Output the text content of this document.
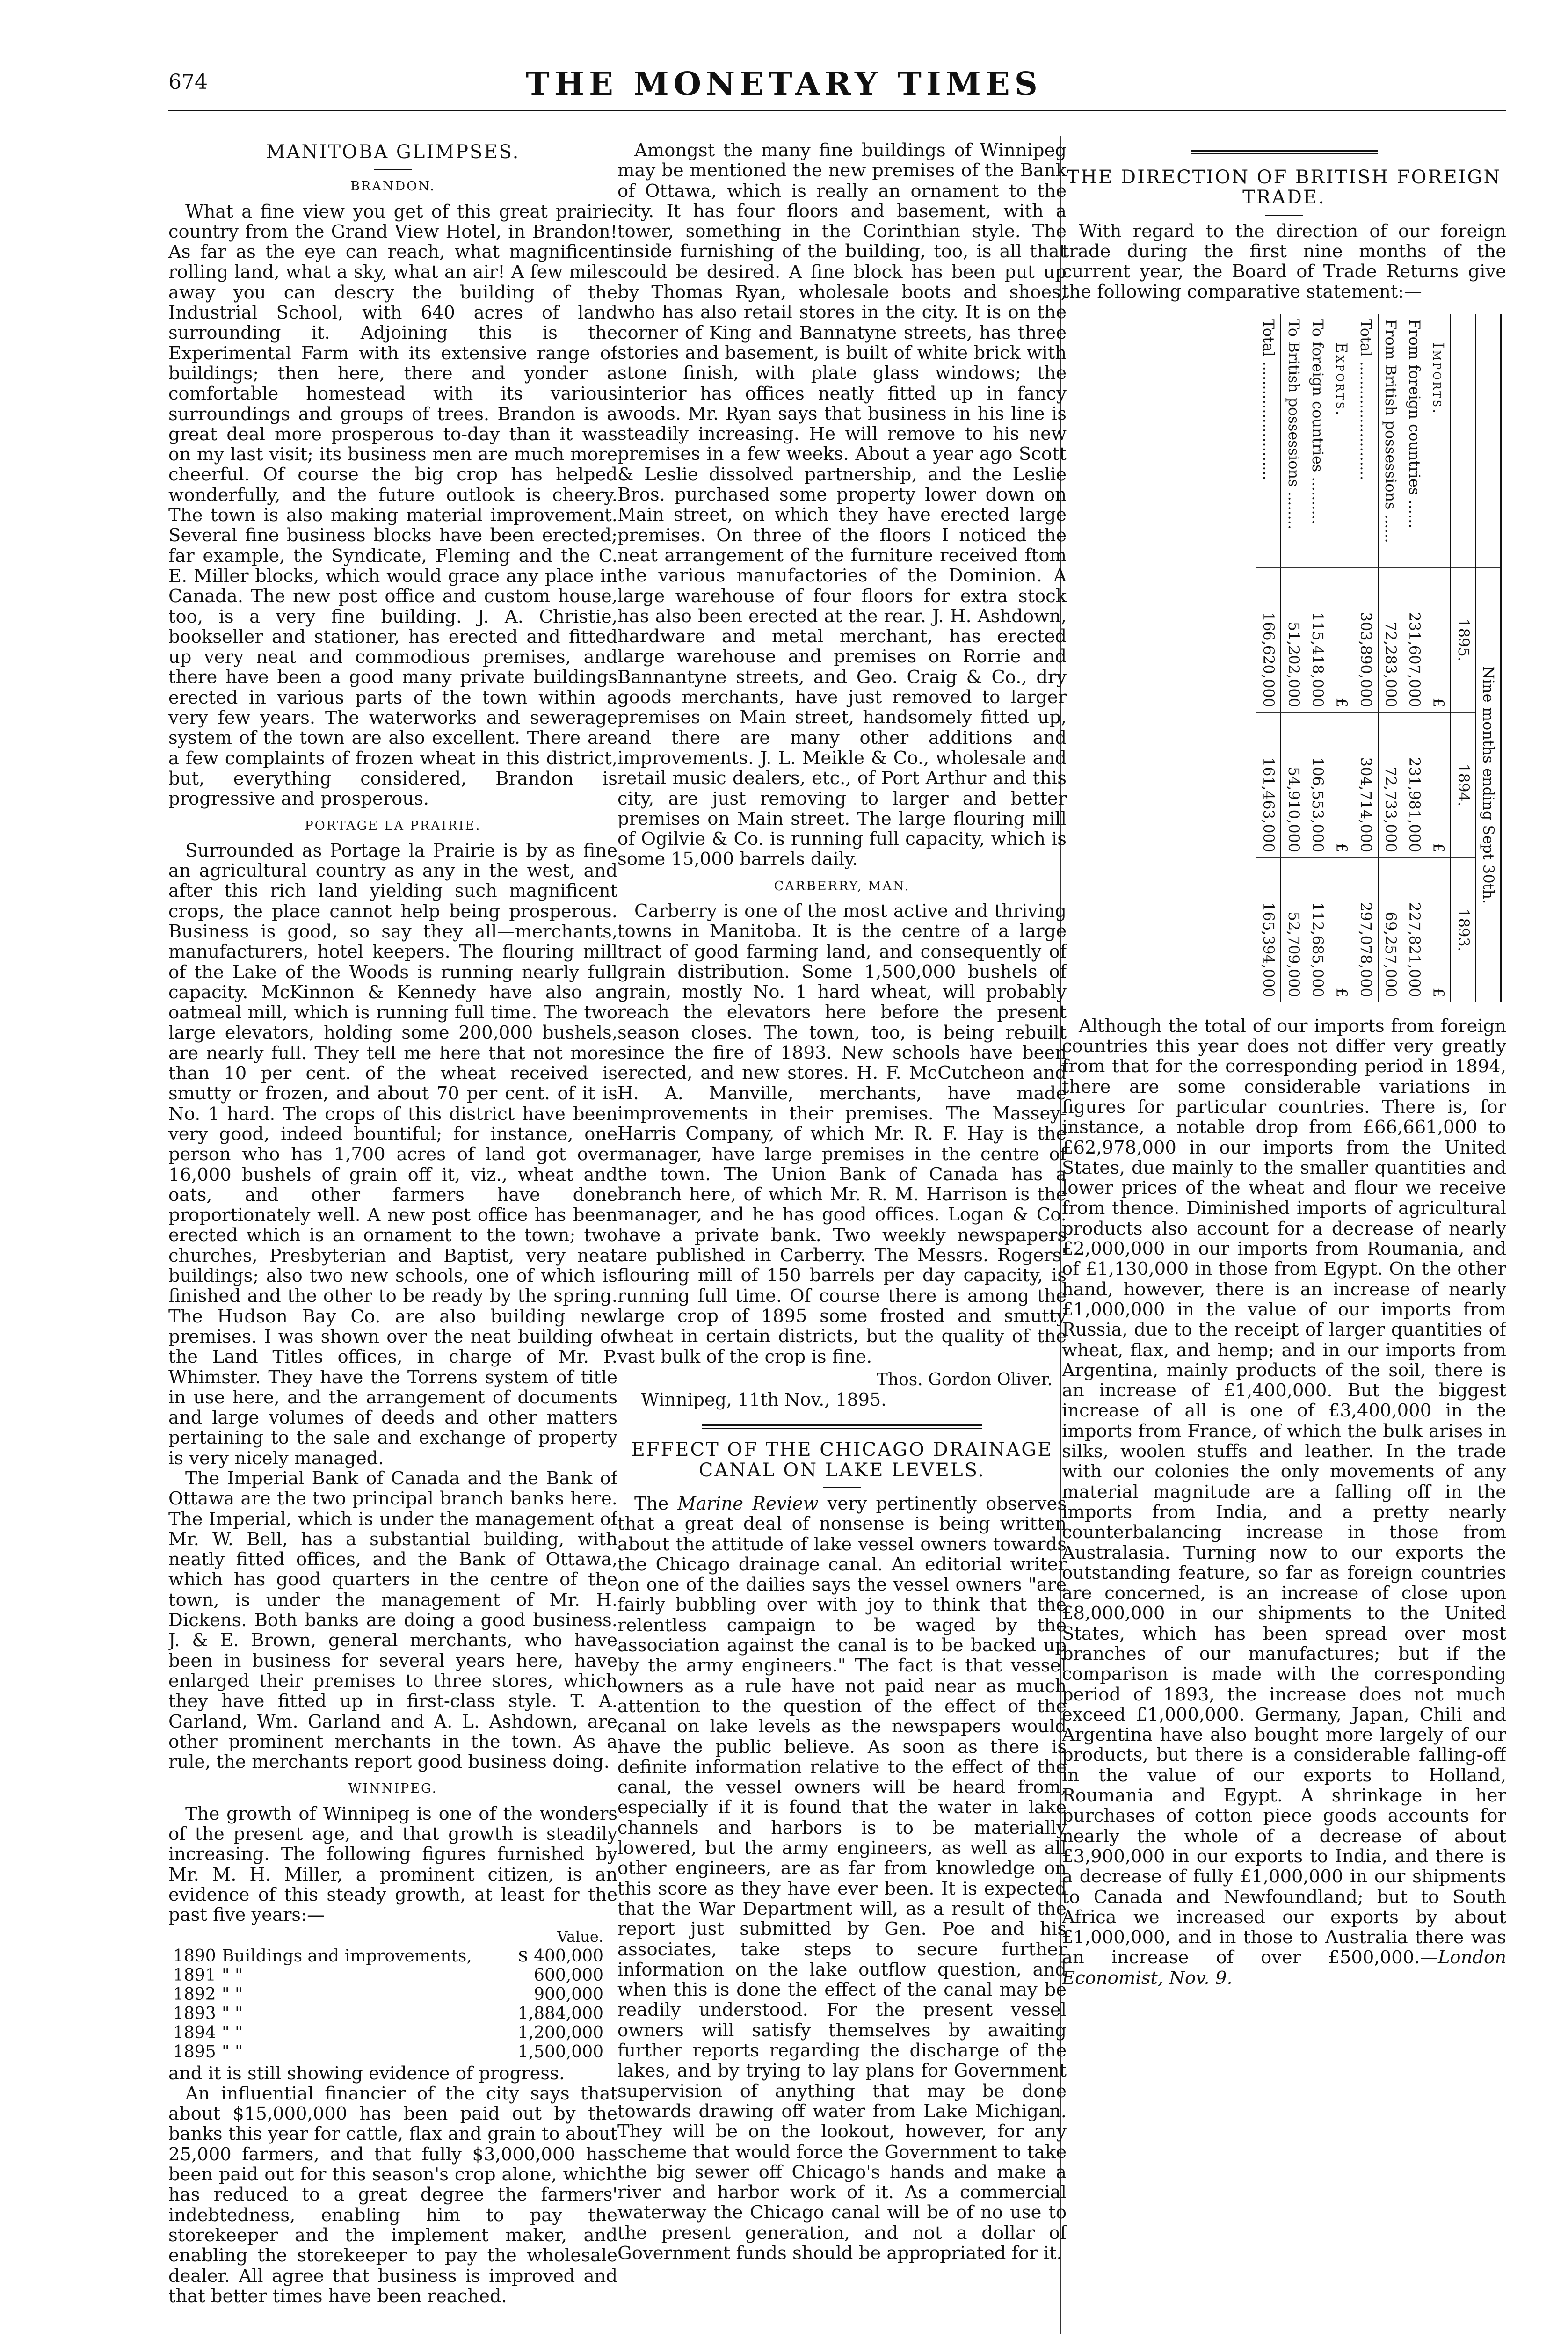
674	THE MONETARY TIMES
MANITOBA GLIMPSES.
BRANDON.

What a fine view you get of this great prairie country from the Grand View Hotel, in Brandon! As far as the eye can reach, what magnificent rolling land, what a sky, what an air! A few miles away you can descry the building of the Industrial School, with 640 acres of land surrounding it. Adjoining this is the Experimental Farm with its extensive range of buildings; then here, there and yonder a comfortable homestead with its various surroundings and groups of trees. Brandon is a great deal more prosperous to-day than it was on my last visit; its business men are much more cheerful. Of course the big crop has helped wonderfully, and the future outlook is cheery. The town is also making material improvement. Several fine business blocks have been erected; far example, the Syndicate, Fleming and the C. E. Miller blocks, which would grace any place in Canada. The new post office and custom house, too, is a very fine building. J. A. Christie, bookseller and stationer, has erected and fitted up very neat and commodious premises, and there have been a good many private buildings erected in various parts of the town within a very few years. The waterworks and sewerage system of the town are also excellent. There are a few complaints of frozen wheat in this district, but, everything considered, Brandon is progressive and prosperous.

PORTAGE LA PRAIRIE.

Surrounded as Portage la Prairie is by as fine an agricultural country as any in the west, and after this rich land yielding such magnificent crops, the place cannot help being prosperous. Business is good, so say they all—merchants, manufacturers, hotel keepers. The flouring mill of the Lake of the Woods is running nearly full capacity. McKinnon & Kennedy have also an oatmeal mill, which is running full time. The two large elevators, holding some 200,000 bushels, are nearly full. They tell me here that not more than 10 per cent. of the wheat received is smutty or frozen, and about 70 per cent. of it is No. 1 hard. The crops of this district have been very good, indeed bountiful; for instance, one person who has 1,700 acres of land got over 16,000 bushels of grain off it, viz., wheat and oats, and other farmers have done proportionately well. A new post office has been erected which is an ornament to the town; two churches, Presbyterian and Baptist, very neat buildings; also two new schools, one of which is finished and the other to be ready by the spring. The Hudson Bay Co. are also building new premises. I was shown over the neat building of the Land Titles offices, in charge of Mr. P. Whimster. They have the Torrens system of title in use here, and the arrangement of documents and large volumes of deeds and other matters pertaining to the sale and exchange of property is very nicely managed.

The Imperial Bank of Canada and the Bank of Ottawa are the two principal branch banks here. The Imperial, which is under the management of Mr. W. Bell, has a substantial building, with neatly fitted offices, and the Bank of Ottawa, which has good quarters in the centre of the town, is under the management of Mr. H. Dickens. Both banks are doing a good business. J. & E. Brown, general merchants, who have been in business for several years here, have enlarged their premises to three stores, which they have fitted up in first-class style. T. A. Garland, Wm. Garland and A. L. Ashdown, are other prominent merchants in the town. As a rule, the merchants report good business doing.

WINNIPEG.

The growth of Winnipeg is one of the wonders of the present age, and that growth is steadily increasing. The following figures furnished by Mr. M. H. Miller, a prominent citizen, is an evidence of this steady growth, at least for the past five years:—

		Value.
1890	Buildings and improvements,	$ 400,000
1891	" "	600,000
1892	" "	900,000
1893	" "	1,884,000
1894	" "	1,200,000
1895	" "	1,500,000

and it is still showing evidence of progress.

An influential financier of the city says that about $15,000,000 has been paid out by the banks this year for cattle, flax and grain to about 25,000 farmers, and that fully $3,000,000 has been paid out for this season's crop alone, which has reduced to a great degree the farmers' indebtedness, enabling him to pay the storekeeper and the implement maker, and enabling the storekeeper to pay the wholesale dealer. All agree that business is improved and that better times have been reached.

Amongst the many fine buildings of Winnipeg may be mentioned the new premises of the Bank of Ottawa, which is really an ornament to the city. It has four floors and basement, with a tower, something in the Corinthian style. The inside furnishing of the building, too, is all that could be desired. A fine block has been put up by Thomas Ryan, wholesale boots and shoes, who has also retail stores in the city. It is on the corner of King and Bannatyne streets, has three stories and basement, is built of white brick with stone finish, with plate glass windows; the interior has offices neatly fitted up in fancy woods. Mr. Ryan says that business in his line is steadily increasing. He will remove to his new premises in a few weeks. About a year ago Scott & Leslie dissolved partnership, and the Leslie Bros. purchased some property lower down on Main street, on which they have erected large premises. On three of the floors I noticed the neat arrangement of the furniture received ftom the various manufactories of the Dominion. A large warehouse of four floors for extra stock has also been erected at the rear. J. H. Ashdown, hardware and metal merchant, has erected large warehouse and premises on Rorrie and Bannantyne streets, and Geo. Craig & Co., dry goods merchants, have just removed to larger premises on Main street, handsomely fitted up, and there are many other additions and improvements. J. L. Meikle & Co., wholesale and retail music dealers, etc., of Port Arthur and this city, are just removing to larger and better premises on Main street. The large flouring mill of Ogilvie & Co. is running full capacity, which is some 15,000 barrels daily.

CARBERRY, MAN.

Carberry is one of the most active and thriving towns in Manitoba. It is the centre of a large tract of good farming land, and consequently of grain distribution. Some 1,500,000 bushels of grain, mostly No. 1 hard wheat, will probably reach the elevators here before the present season closes. The town, too, is being rebuilt since the fire of 1893. New schools have been erected, and new stores. H. F. McCutcheon and H. A. Manville, merchants, have made improvements in their premises. The Massey-Harris Company, of which Mr. R. F. Hay is the manager, have large premises in the centre of the town. The Union Bank of Canada has a branch here, of which Mr. R. M. Harrison is the manager, and he has good offices. Logan & Co. have a private bank. Two weekly newspapers are published in Carberry. The Messrs. Rogers' flouring mill of 150 barrels per day capacity, is running full time. Of course there is among the large crop of 1895 some frosted and smutty wheat in certain districts, but the quality of the vast bulk of the crop is fine.

Thos. Gordon Oliver.
Winnipeg, 11th Nov., 1895.
EFFECT OF THE CHICAGO DRAINAGE CANAL ON LAKE LEVELS.

The Marine Review very pertinently observes that a great deal of nonsense is being written about the attitude of lake vessel owners towards the Chicago drainage canal. An editorial writer on one of the dailies says the vessel owners "are fairly bubbling over with joy to think that the relentless campaign to be waged by the association against the canal is to be backed up by the army engineers." The fact is that vessel owners as a rule have not paid near as much attention to the question of the effect of the canal on lake levels as the newspapers would have the public believe. As soon as there is definite information relative to the effect of the canal, the vessel owners will be heard from, especially if it is found that the water in lake channels and harbors is to be materially lowered, but the army engineers, as well as all other engineers, are as far from knowledge on this score as they have ever been. It is expected that the War Department will, as a result of the report just submitted by Gen. Poe and his associates, take steps to secure further information on the lake outflow question, and when this is done the effect of the canal may be readily understood. For the present vessel owners will satisfy themselves by awaiting further reports regarding the discharge of the lakes, and by trying to lay plans for Government supervision of anything that may be done towards drawing off water from Lake Michigan. They will be on the lookout, however, for any scheme that would force the Government to take the big sewer off Chicago's hands and make a river and harbor work of it. As a commercial waterway the Chicago canal will be of no use to the present generation, and not a dollar of Government funds should be appropriated for it.

THE DIRECTION OF BRITISH FOREIGN TRADE.

With regard to the direction of our foreign trade during the first nine months of the current year, the Board of Trade Returns give the following comparative statement:—

	Nine months ending Sept 30th.		
	1895.	1894.	1893.
Imports.	£	£	£
From foreign countries ......	231,607,000	231,981,000	227,821,000
From British possessions ......	72,283,000	72,733,000	69,257,000
Total .........................	303,890,000	304,714,000	297,078,000
Exports.	£	£	£
To foreign countries ..........	115,418,000	106,553,000	112,685,000
To British possessions ........	51,202,000	54,910,000	52,709,000
Total .........................	166,620,000	161,463,000	165,394,000

Although the total of our imports from foreign countries this year does not differ very greatly from that for the corresponding period in 1894, there are some considerable variations in figures for particular countries. There is, for instance, a notable drop from £66,661,000 to £62,978,000 in our imports from the United States, due mainly to the smaller quantities and lower prices of the wheat and flour we receive from thence. Diminished imports of agricultural products also account for a decrease of nearly £2,000,000 in our imports from Roumania, and of £1,130,000 in those from Egypt. On the other hand, however, there is an increase of nearly £1,000,000 in the value of our imports from Russia, due to the receipt of larger quantities of wheat, flax, and hemp; and in our imports from Argentina, mainly products of the soil, there is an increase of £1,400,000. But the biggest increase of all is one of £3,400,000 in the imports from France, of which the bulk arises in silks, woolen stuffs and leather. In the trade with our colonies the only movements of any material magnitude are a falling off in the imports from India, and a pretty nearly counterbalancing increase in those from Australasia. Turning now to our exports the outstanding feature, so far as foreign countries are concerned, is an increase of close upon £8,000,000 in our shipments to the United States, which has been spread over most branches of our manufactures; but if the comparison is made with the corresponding period of 1893, the increase does not much exceed £1,000,000. Germany, Japan, Chili and Argentina have also bought more largely of our products, but there is a considerable falling-off in the value of our exports to Holland, Roumania and Egypt. A shrinkage in her purchases of cotton piece goods accounts for nearly the whole of a decrease of about £3,900,000 in our exports to India, and there is a decrease of fully £1,000,000 in our shipments to Canada and Newfoundland; but to South Africa we increased our exports by about £1,000,000, and in those to Australia there was an increase of over £500,000.—London Economist, Nov. 9.
